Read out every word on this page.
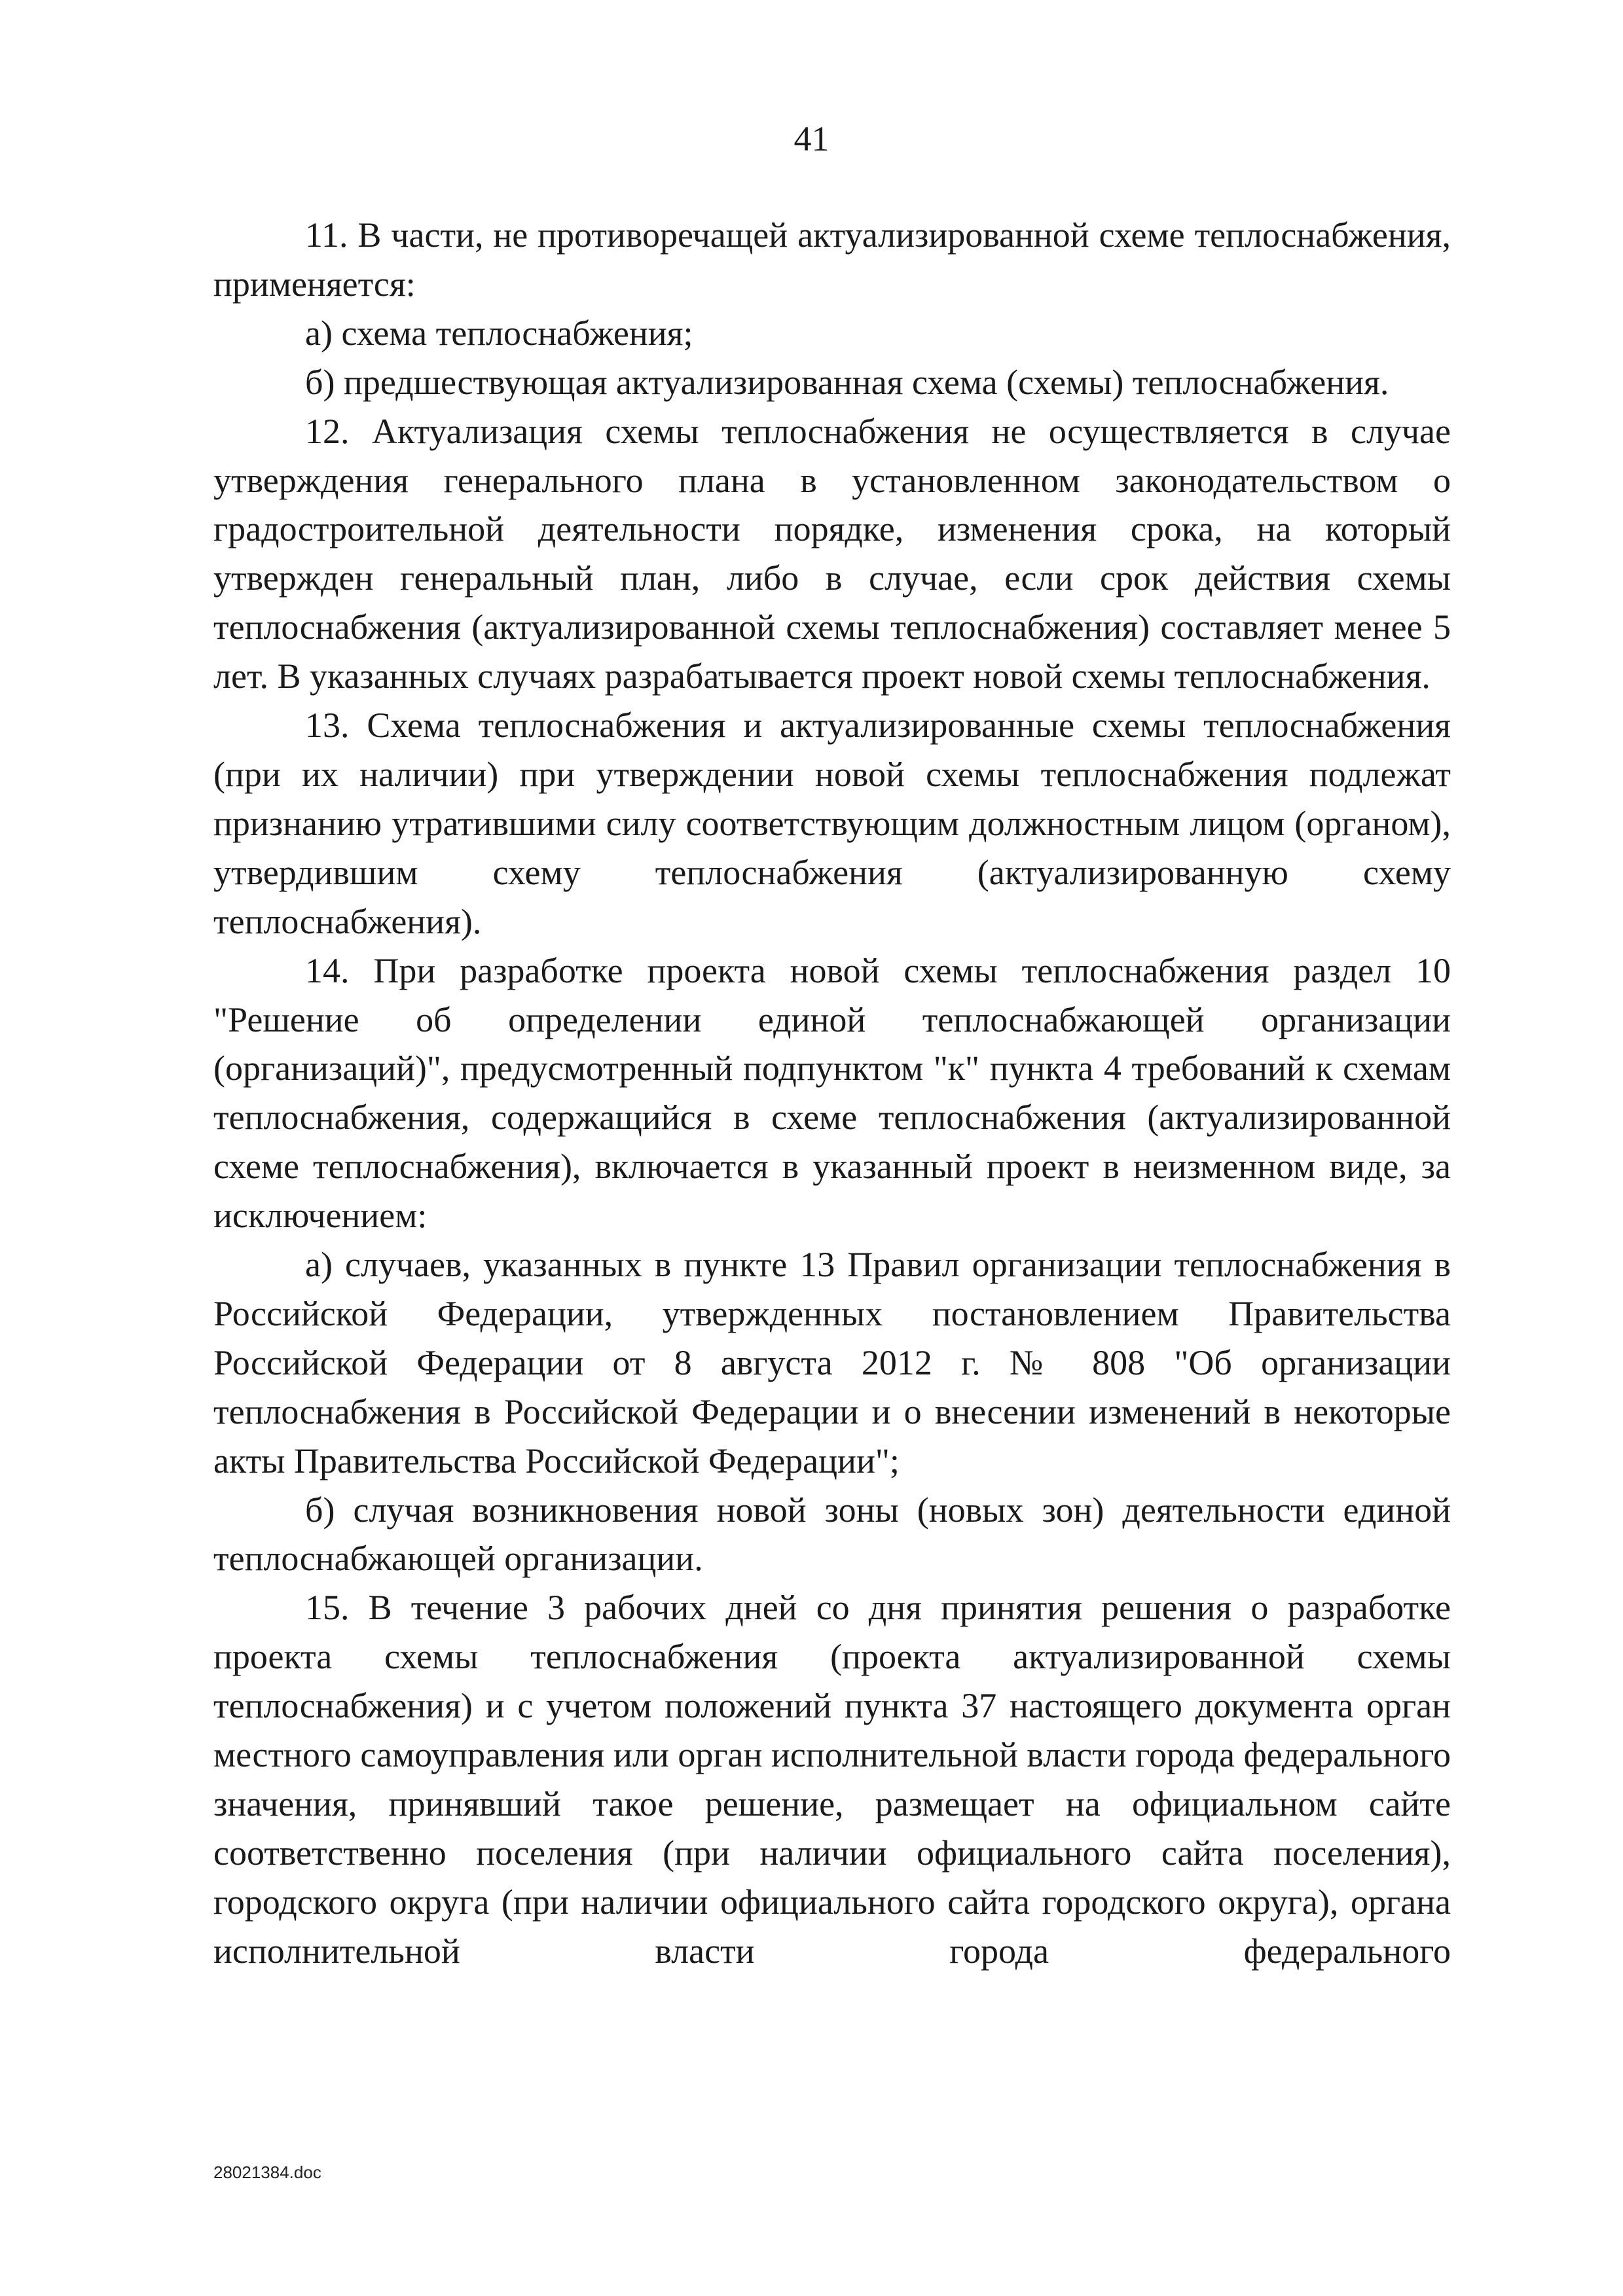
41

11. В части, не противоречащей актуализированной схеме теплоснабжения, применяется:

а) схема теплоснабжения;

б) предшествующая актуализированная схема (схемы) теплоснабжения.

12. Актуализация схемы теплоснабжения не осуществляется в случае утверждения генерального плана в установленном законодательством о градостроительной деятельности порядке, изменения срока, на который утвержден генеральный план, либо в случае, если срок действия схемы теплоснабжения (актуализированной схемы теплоснабжения) составляет менее 5 лет. В указанных случаях разрабатывается проект новой схемы теплоснабжения.

13. Схема теплоснабжения и актуализированные схемы теплоснабжения (при их наличии) при утверждении новой схемы теплоснабжения подлежат признанию утратившими силу соответствующим должностным лицом (органом), утвердившим схему теплоснабжения (актуализированную схему теплоснабжения).

14. При разработке проекта новой схемы теплоснабжения раздел 10 "Решение об определении единой теплоснабжающей организации (организаций)", предусмотренный подпунктом "к" пункта 4 требований к схемам теплоснабжения, содержащийся в схеме теплоснабжения (актуализированной схеме теплоснабжения), включается в указанный проект в неизменном виде, за исключением:

а) случаев, указанных в пункте 13 Правил организации теплоснабжения в Российской Федерации, утвержденных постановлением Правительства Российской Федерации от 8 августа 2012 г. № 808 "Об организации теплоснабжения в Российской Федерации и о внесении изменений в некоторые акты Правительства Российской Федерации";

б) случая возникновения новой зоны (новых зон) деятельности единой теплоснабжающей организации.

15. В течение 3 рабочих дней со дня принятия решения о разработке проекта схемы теплоснабжения (проекта актуализированной схемы теплоснабжения) и с учетом положений пункта 37 настоящего документа орган местного самоуправления или орган исполнительной власти города федерального значения, принявший такое решение, размещает на официальном сайте соответственно поселения (при наличии официального сайта поселения), городского округа (при наличии официального сайта городского округа), органа исполнительной власти города федерального

28021384.doc
